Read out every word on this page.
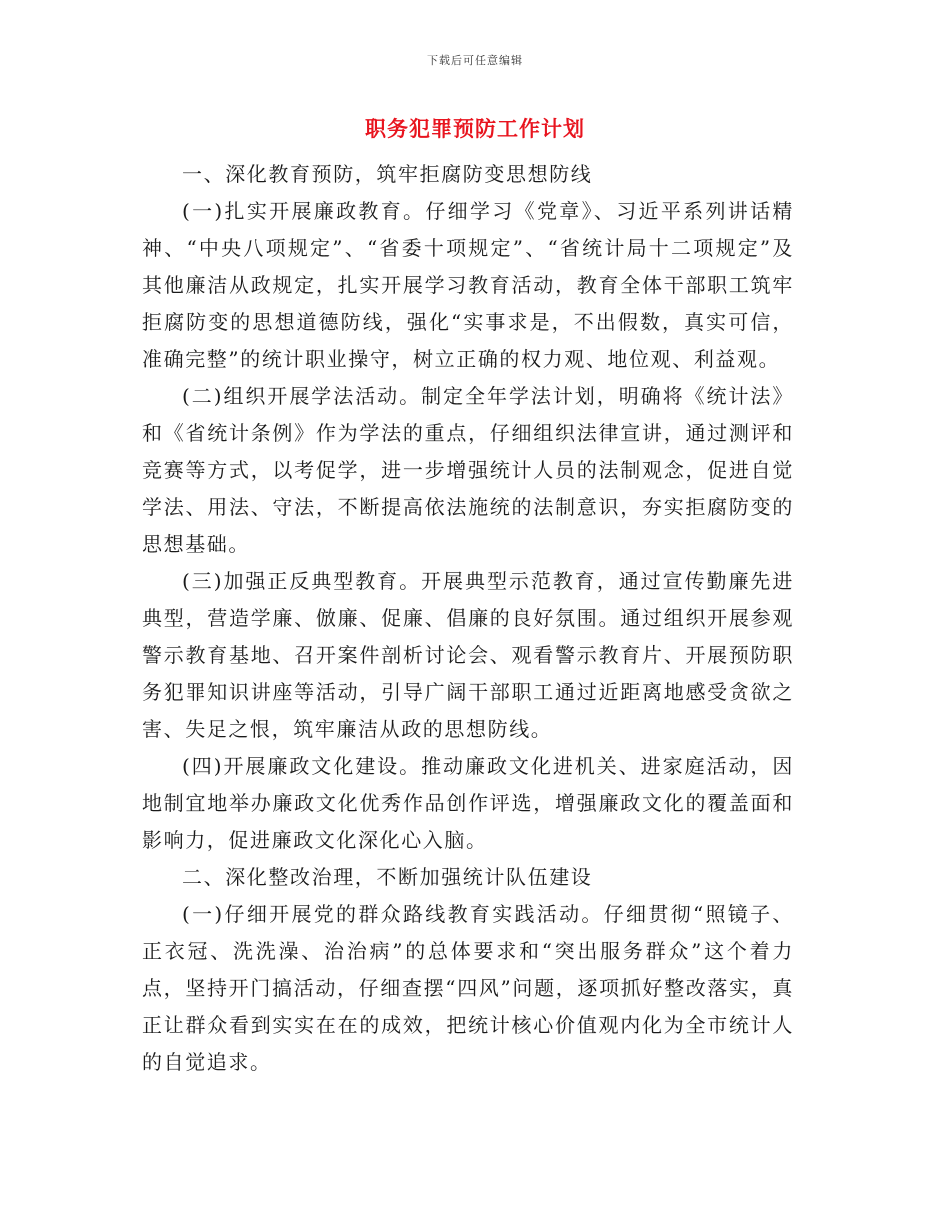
下载后可任意编辑
职务犯罪预防工作计划

一、深化教育预防，筑牢拒腐防变思想防线

(一)扎实开展廉政教育。仔细学习《党章》、习近平系列讲话精神、“中央八项规定”、“省委十项规定”、“省统计局十二项规定”及其他廉洁从政规定，扎实开展学习教育活动，教育全体干部职工筑牢拒腐防变的思想道德防线，强化“实事求是，不出假数，真实可信，准确完整”的统计职业操守，树立正确的权力观、地位观、利益观。

(二)组织开展学法活动。制定全年学法计划，明确将《统计法》和《省统计条例》作为学法的重点，仔细组织法律宣讲，通过测评和竞赛等方式，以考促学，进一步增强统计人员的法制观念，促进自觉学法、用法、守法，不断提高依法施统的法制意识，夯实拒腐防变的思想基础。

(三)加强正反典型教育。开展典型示范教育，通过宣传勤廉先进典型，营造学廉、倣廉、促廉、倡廉的良好氛围。通过组织开展参观警示教育基地、召开案件剖析讨论会、观看警示教育片、开展预防职务犯罪知识讲座等活动，引导广阔干部职工通过近距离地感受贪欲之害、失足之恨，筑牢廉洁从政的思想防线。

(四)开展廉政文化建设。推动廉政文化进机关、进家庭活动，因地制宜地举办廉政文化优秀作品创作评选，增强廉政文化的覆盖面和影响力，促进廉政文化深化心入脑。

二、深化整改治理，不断加强统计队伍建设

(一)仔细开展党的群众路线教育实践活动。仔细贯彻“照镜子、正衣冠、洗洗澡、治治病”的总体要求和“突出服务群众”这个着力点，坚持开门搞活动，仔细查摆“四风”问题，逐项抓好整改落实，真正让群众看到实实在在的成效，把统计核心价值观内化为全市统计人的自觉追求。
